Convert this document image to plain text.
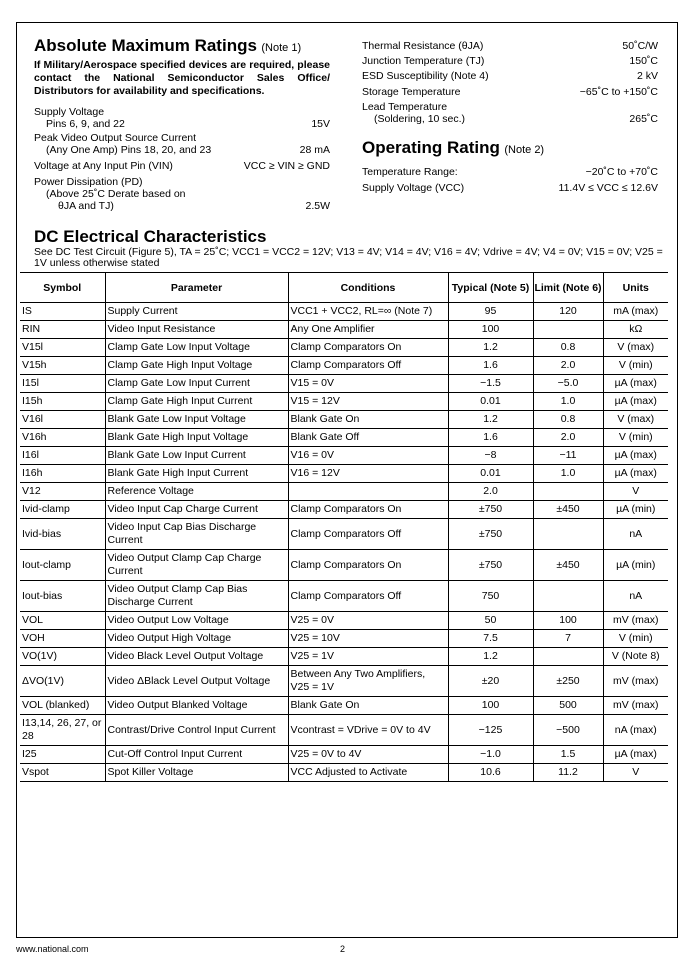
Absolute Maximum Ratings (Note 1)
If Military/Aerospace specified devices are required, please contact the National Semiconductor Sales Office/ Distributors for availability and specifications.
Supply Voltage
Pins 6, 9, and 22	15V
Peak Video Output Source Current
(Any One Amp) Pins 18, 20, and 23	28 mA
Voltage at Any Input Pin (VIN)	VCC ≥ VIN ≥ GND
Power Dissipation (PD)
(Above 25˚C Derate based on
θJA and TJ)	2.5W
Thermal Resistance (θJA)	50˚C/W
Junction Temperature (TJ)	150˚C
ESD Susceptibility (Note 4)	2 kV
Storage Temperature	−65˚C to +150˚C
Lead Temperature
(Soldering, 10 sec.)	265˚C
Operating Rating (Note 2)
Temperature Range:	−20˚C to +70˚C
Supply Voltage (VCC)	11.4V ≤ VCC ≤ 12.6V
DC Electrical Characteristics
See DC Test Circuit (Figure 5), TA = 25˚C; VCC1 = VCC2 = 12V; V13 = 4V; V14 = 4V; V16 = 4V; Vdrive = 4V; V4 = 0V; V15 = 0V; V25 = 1V unless otherwise stated
Symbol	Parameter	Conditions	Typical (Note 5)	Limit (Note 6)	Units
IS	Supply Current	VCC1 + VCC2, RL=∞ (Note 7)	95	120	mA (max)
RIN	Video Input Resistance	Any One Amplifier	100		kΩ
V15l	Clamp Gate Low Input Voltage	Clamp Comparators On	1.2	0.8	V (max)
V15h	Clamp Gate High Input Voltage	Clamp Comparators Off	1.6	2.0	V (min)
I15l	Clamp Gate Low Input Current	V15 = 0V	−1.5	−5.0	µA (max)
I15h	Clamp Gate High Input Current	V15 = 12V	0.01	1.0	µA (max)
V16l	Blank Gate Low Input Voltage	Blank Gate On	1.2	0.8	V (max)
V16h	Blank Gate High Input Voltage	Blank Gate Off	1.6	2.0	V (min)
I16l	Blank Gate Low Input Current	V16 = 0V	−8	−11	µA (max)
I16h	Blank Gate High Input Current	V16 = 12V	0.01	1.0	µA (max)
V12	Reference Voltage		2.0		V
Ivid-clamp	Video Input Cap Charge Current	Clamp Comparators On	±750	±450	µA (min)
Ivid-bias	Video Input Cap Bias Discharge Current	Clamp Comparators Off	±750		nA
Iout-clamp	Video Output Clamp Cap Charge Current	Clamp Comparators On	±750	±450	µA (min)
Iout-bias	Video Output Clamp Cap Bias Discharge Current	Clamp Comparators Off	750		nA
VOL	Video Output Low Voltage	V25 = 0V	50	100	mV (max)
VOH	Video Output High Voltage	V25 = 10V	7.5	7	V (min)
VO(1V)	Video Black Level Output Voltage	V25 = 1V	1.2		V (Note 8)
ΔVO(1V)	Video ΔBlack Level Output Voltage	Between Any Two Amplifiers, V25 = 1V	±20	±250	mV (max)
VOL (blanked)	Video Output Blanked Voltage	Blank Gate On	100	500	mV (max)
I13,14, 26, 27, or 28	Contrast/Drive Control Input Current	Vcontrast = VDrive = 0V to 4V	−125	−500	nA (max)
I25	Cut-Off Control Input Current	V25 = 0V to 4V	−1.0	1.5	µA (max)
Vspot	Spot Killer Voltage	VCC Adjusted to Activate	10.6	11.2	V
www.national.com	2
